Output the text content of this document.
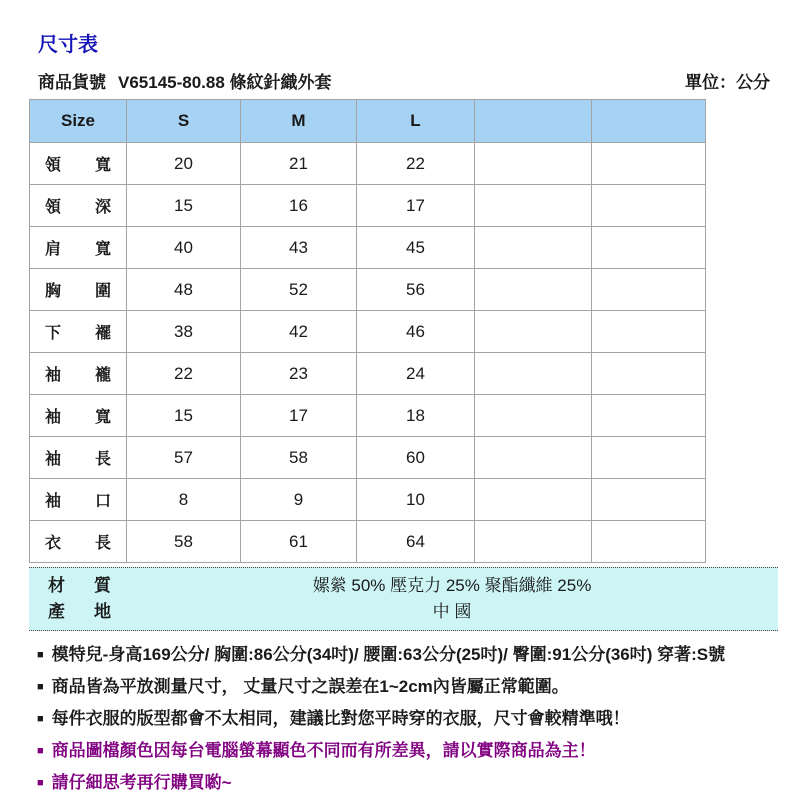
尺寸表
商品貨號 V65145-80.88 條紋針織外套	單位：公分
Size	S	M	L		
領寬	20	21	22		
領深	15	16	17		
肩寬	40	43	45		
胸圍	48	52	56		
下襬	38	42	46		
袖襱	22	23	24		
袖寬	15	17	18		
袖長	57	58	60		
袖口	8	9	10		
衣長	58	61	64		
材質	嫘縈 50% 壓克力 25% 聚酯纖維 25%
產地	中 國
■ 模特兒-身高169公分/ 胸圍:86公分(34吋)/ 腰圍:63公分(25吋)/ 臀圍:91公分(36吋) 穿著:S號
■ 商品皆為平放測量尺寸， 丈量尺寸之誤差在1~2cm內皆屬正常範圍。
■ 每件衣服的版型都會不太相同，建議比對您平時穿的衣服，尺寸會較精準哦！
■ 商品圖檔顏色因每台電腦螢幕顯色不同而有所差異，請以實際商品為主！
■ 請仔細思考再行購買喲~
